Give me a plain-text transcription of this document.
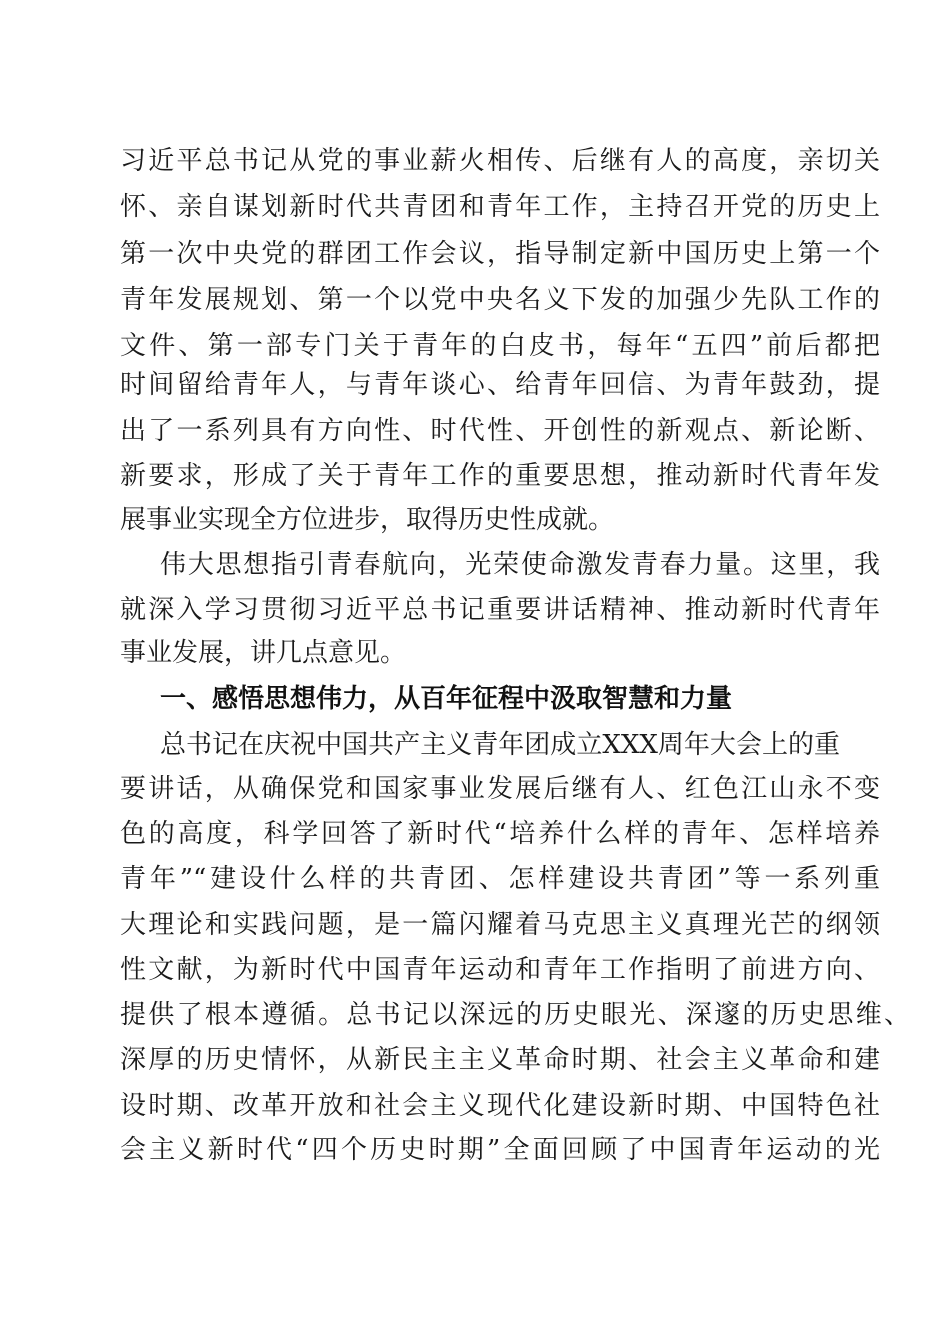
习近平总书记从党的事业薪火相传、后继有人的高度，亲切关
怀、亲自谋划新时代共青团和青年工作，主持召开党的历史上
第一次中央党的群团工作会议，指导制定新中国历史上第一个
青年发展规划、第一个以党中央名义下发的加强少先队工作的
文件、第一部专门关于青年的白皮书，每年“五四”前后都把
时间留给青年人，与青年谈心、给青年回信、为青年鼓劲，提
出了一系列具有方向性、时代性、开创性的新观点、新论断、
新要求，形成了关于青年工作的重要思想，推动新时代青年发
展事业实现全方位进步，取得历史性成就。
伟大思想指引青春航向，光荣使命激发青春力量。这里，我
就深入学习贯彻习近平总书记重要讲话精神、推动新时代青年
事业发展，讲几点意见。
一、感悟思想伟力，从百年征程中汲取智慧和力量
总书记在庆祝中国共产主义青年团成立XXX周年大会上的重
要讲话，从确保党和国家事业发展后继有人、红色江山永不变
色的高度，科学回答了新时代“培养什么样的青年、怎样培养
青年”“建设什么样的共青团、怎样建设共青团”等一系列重
大理论和实践问题，是一篇闪耀着马克思主义真理光芒的纲领
性文献，为新时代中国青年运动和青年工作指明了前进方向、
提供了根本遵循。总书记以深远的历史眼光、深邃的历史思维、
深厚的历史情怀，从新民主主义革命时期、社会主义革命和建
设时期、改革开放和社会主义现代化建设新时期、中国特色社
会主义新时代“四个历史时期”全面回顾了中国青年运动的光
